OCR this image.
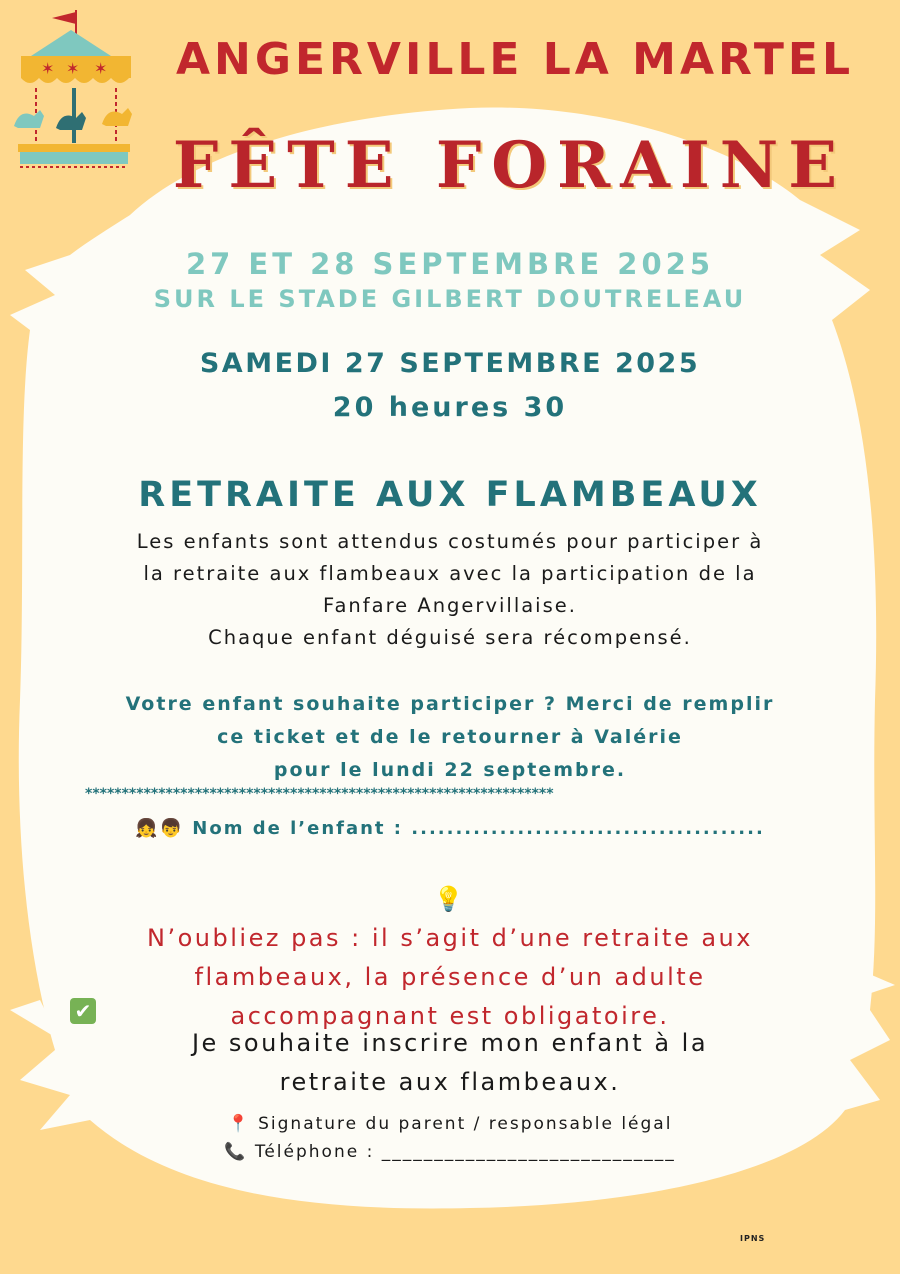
✶ ✶ ✶	ANGERVILLE LA MARTEL
FÊTE FORAINE
27 ET 28 SEPTEMBRE 2025
SUR LE STADE GILBERT DOUTRELEAU
SAMEDI 27 SEPTEMBRE 2025
20 heures 30
RETRAITE AUX FLAMBEAUX
Les enfants sont attendus costumés pour participer à
la retraite aux flambeaux avec la participation de la
Fanfare Angervillaise.
Chaque enfant déguisé sera récompensé.
Votre enfant souhaite participer ? Merci de remplir
ce ticket et de le retourner à Valérie
pour le lundi 22 septembre.
****************************************************************
👧👦 Nom de l’enfant : ........................................
💡
N’oubliez pas : il s’agit d’une retraite aux
flambeaux, la présence d’un adulte
accompagnant est obligatoire.
✔
Je souhaite inscrire mon enfant à la
retraite aux flambeaux.
📍 Signature du parent / responsable légal
📞 Téléphone : ____________________________
IPNS
